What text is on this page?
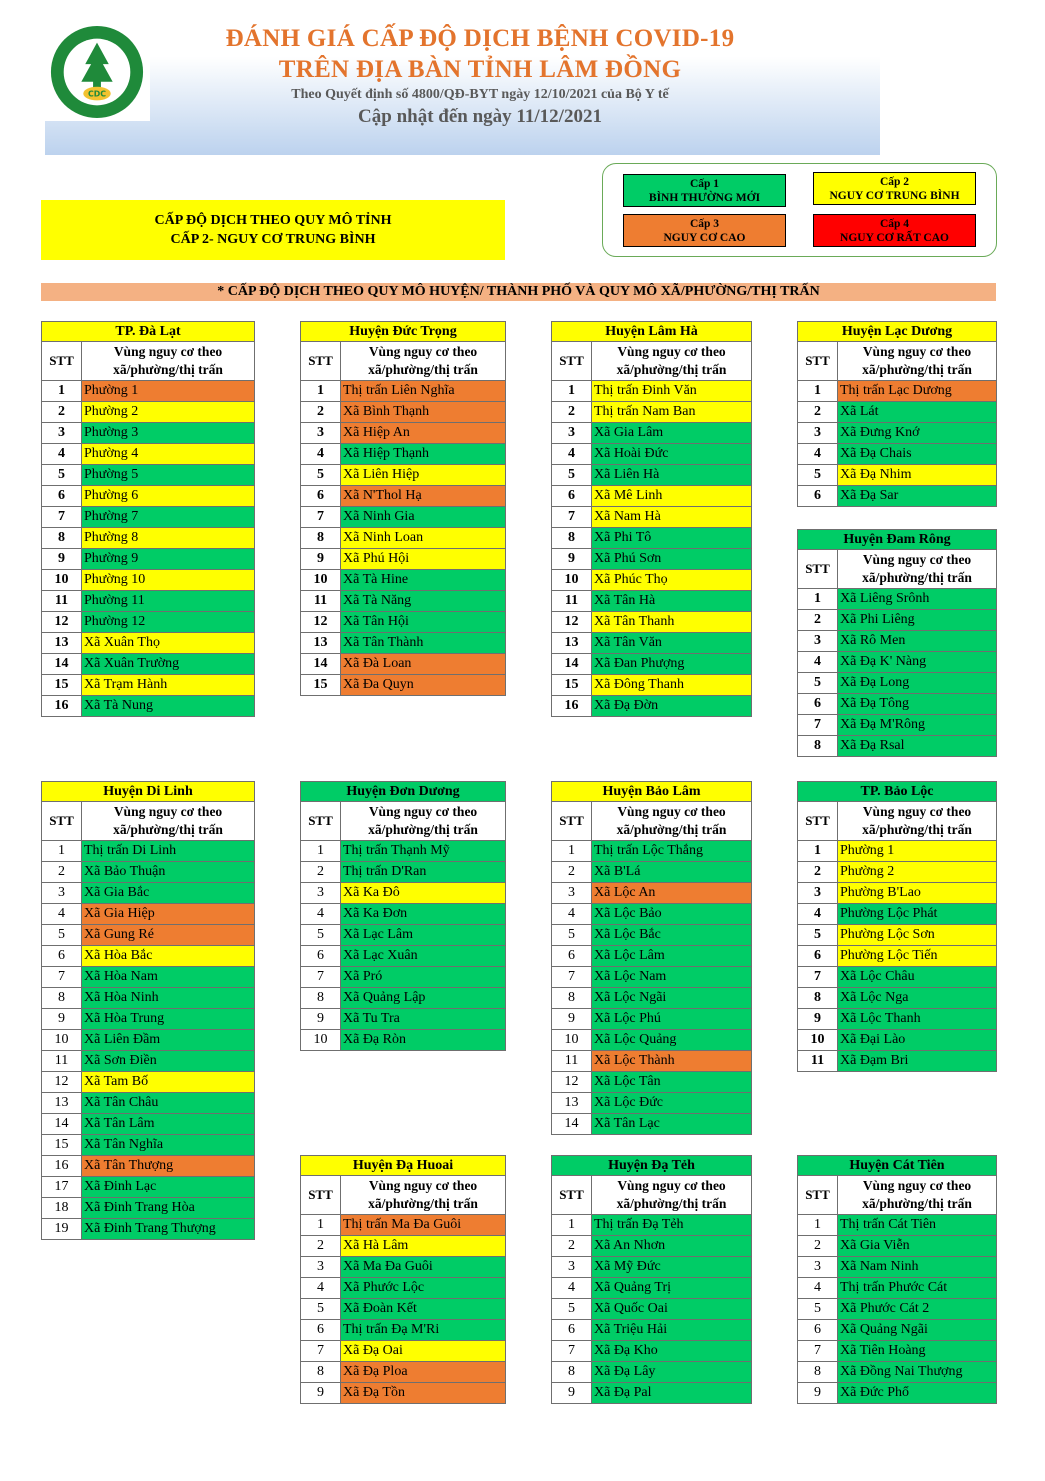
CDC
ĐÁNH GIÁ CẤP ĐỘ DỊCH BỆNH COVID-19
TRÊN ĐỊA BÀN TỈNH LÂM ĐỒNG
Theo Quyết định số 4800/QĐ-BYT ngày 12/10/2021 của Bộ Y tế
Cập nhật đến ngày 11/12/2021
CẤP ĐỘ DỊCH THEO QUY MÔ TỈNH
CẤP 2- NGUY CƠ TRUNG BÌNH
Cấp 1
BÌNH THƯỜNG MỚI
Cấp 2
NGUY CƠ TRUNG BÌNH
Cấp 3
NGUY CƠ CAO
Cấp 4
NGUY CƠ RẤT CAO
* CẤP ĐỘ DỊCH THEO QUY MÔ HUYỆN/ THÀNH PHỐ VÀ QUY MÔ XÃ/PHƯỜNG/THỊ TRẤN
TP. Đà Lạt	
STT	Vùng nguy cơ theo xã/phường/thị trấn
1	Phường 1
2	Phường 2
3	Phường 3
4	Phường 4
5	Phường 5
6	Phường 6
7	Phường 7
8	Phường 8
9	Phường 9
10	Phường 10
11	Phường 11
12	Phường 12
13	Xã Xuân Thọ
14	Xã Xuân Trường
15	Xã Trạm Hành
16	Xã Tà Nung
Huyện Đức Trọng	
STT	Vùng nguy cơ theo xã/phường/thị trấn
1	Thị trấn Liên Nghĩa
2	Xã Bình Thạnh
3	Xã Hiệp An
4	Xã Hiệp Thạnh
5	Xã Liên Hiệp
6	Xã N'Thol Hạ
7	Xã Ninh Gia
8	Xã Ninh Loan
9	Xã Phú Hội
10	Xã Tà Hine
11	Xã Tà Năng
12	Xã Tân Hội
13	Xã Tân Thành
14	Xã Đà Loan
15	Xã Đa Quyn
Huyện Lâm Hà	
STT	Vùng nguy cơ theo xã/phường/thị trấn
1	Thị trấn Đinh Văn
2	Thị trấn Nam Ban
3	Xã Gia Lâm
4	Xã Hoài Đức
5	Xã Liên Hà
6	Xã Mê Linh
7	Xã Nam Hà
8	Xã Phi Tô
9	Xã Phú Sơn
10	Xã Phúc Thọ
11	Xã Tân Hà
12	Xã Tân Thanh
13	Xã Tân Văn
14	Xã Đan Phượng
15	Xã Đông Thanh
16	Xã Đạ Đờn
Huyện Lạc Dương	
STT	Vùng nguy cơ theo xã/phường/thị trấn
1	Thị trấn Lạc Dương
2	Xã Lát
3	Xã Đưng Knớ
4	Xã Đạ Chais
5	Xã Đạ Nhim
6	Xã Đạ Sar
Huyện Đam Rông	
STT	Vùng nguy cơ theo xã/phường/thị trấn
1	Xã Liêng Srônh
2	Xã Phi Liêng
3	Xã Rô Men
4	Xã Đạ K' Nàng
5	Xã Đạ Long
6	Xã Đạ Tông
7	Xã Đạ M'Rông
8	Xã Đạ Rsal
Huyện Di Linh	
STT	Vùng nguy cơ theo xã/phường/thị trấn
1	Thị trấn Di Linh
2	Xã Bảo Thuận
3	Xã Gia Bắc
4	Xã Gia Hiệp
5	Xã Gung Ré
6	Xã Hòa Bắc
7	Xã Hòa Nam
8	Xã Hòa Ninh
9	Xã Hòa Trung
10	Xã Liên Đầm
11	Xã Sơn Điền
12	Xã Tam Bố
13	Xã Tân Châu
14	Xã Tân Lâm
15	Xã Tân Nghĩa
16	Xã Tân Thượng
17	Xã Đinh Lạc
18	Xã Đinh Trang Hòa
19	Xã Đinh Trang Thượng
Huyện Đơn Dương	
STT	Vùng nguy cơ theo xã/phường/thị trấn
1	Thị trấn Thạnh Mỹ
2	Thị trấn D'Ran
3	Xã Ka Đô
4	Xã Ka Đơn
5	Xã Lạc Lâm
6	Xã Lạc Xuân
7	Xã Pró
8	Xã Quảng Lập
9	Xã Tu Tra
10	Xã Đạ Ròn
Huyện Bảo Lâm	
STT	Vùng nguy cơ theo xã/phường/thị trấn
1	Thị trấn Lộc Thắng
2	Xã B'Lá
3	Xã Lộc An
4	Xã Lộc Bảo
5	Xã Lộc Bắc
6	Xã Lộc Lâm
7	Xã Lộc Nam
8	Xã Lộc Ngãi
9	Xã Lộc Phú
10	Xã Lộc Quảng
11	Xã Lộc Thành
12	Xã Lộc Tân
13	Xã Lộc Đức
14	Xã Tân Lạc
TP. Bảo Lộc	
STT	Vùng nguy cơ theo xã/phường/thị trấn
1	Phường 1
2	Phường 2
3	Phường B'Lao
4	Phường Lộc Phát
5	Phường Lộc Sơn
6	Phường Lộc Tiến
7	Xã Lộc Châu
8	Xã Lộc Nga
9	Xã Lộc Thanh
10	Xã Đại Lào
11	Xã Đạm Bri
Huyện Đạ Huoai	
STT	Vùng nguy cơ theo xã/phường/thị trấn
1	Thị trấn Ma Đa Guôi
2	Xã Hà Lâm
3	Xã Ma Đa Guôi
4	Xã Phước Lộc
5	Xã Đoàn Kết
6	Thị trấn Đạ M'Ri
7	Xã Đạ Oai
8	Xã Đạ Ploa
9	Xã Đạ Tồn
Huyện Đạ Tẻh	
STT	Vùng nguy cơ theo xã/phường/thị trấn
1	Thị trấn Đạ Tẻh
2	Xã An Nhơn
3	Xã Mỹ Đức
4	Xã Quảng Trị
5	Xã Quốc Oai
6	Xã Triệu Hải
7	Xã Đạ Kho
8	Xã Đạ Lây
9	Xã Đạ Pal
Huyện Cát Tiên	
STT	Vùng nguy cơ theo xã/phường/thị trấn
1	Thị trấn Cát Tiên
2	Xã Gia Viễn
3	Xã Nam Ninh
4	Thị trấn Phước Cát
5	Xã Phước Cát 2
6	Xã Quảng Ngãi
7	Xã Tiên Hoàng
8	Xã Đồng Nai Thượng
9	Xã Đức Phổ
